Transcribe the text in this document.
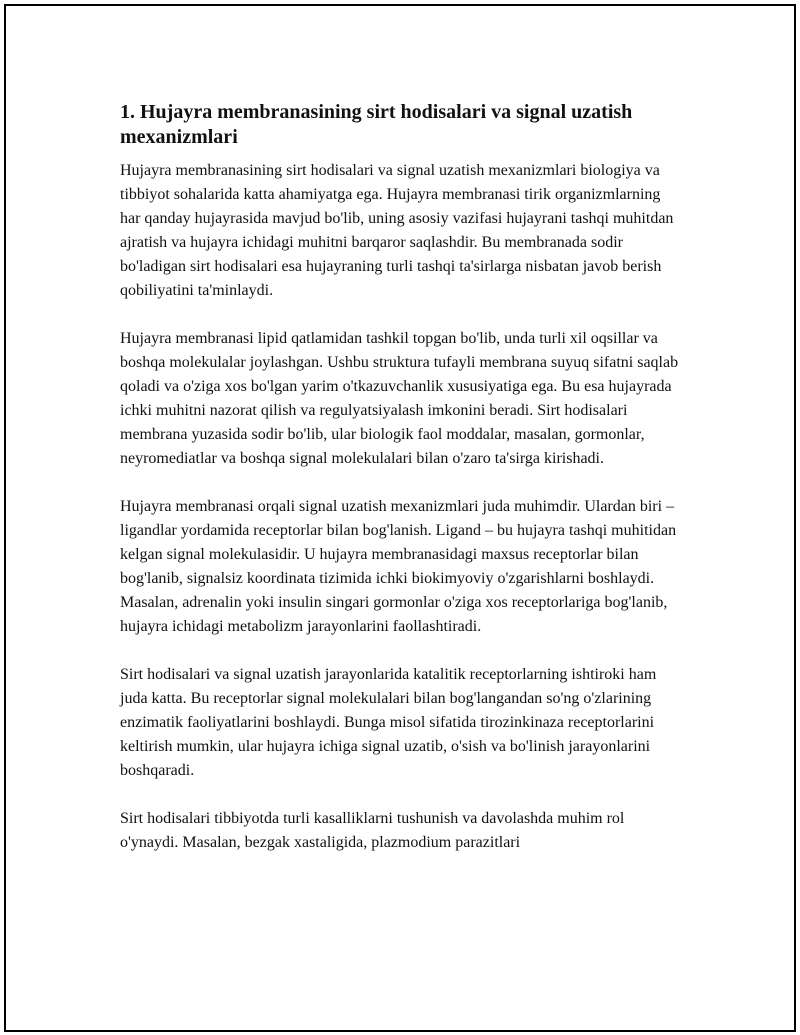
1. Hujayra membranasining sirt hodisalari va signal uzatish mexanizmlari

Hujayra membranasining sirt hodisalari va signal uzatish mexanizmlari biologiya va tibbiyot sohalarida katta ahamiyatga ega. Hujayra membranasi tirik organizmlarning har qanday hujayrasida mavjud bo'lib, uning asosiy vazifasi hujayrani tashqi muhitdan ajratish va hujayra ichidagi muhitni barqaror saqlashdir. Bu membranada sodir bo'ladigan sirt hodisalari esa hujayraning turli tashqi ta'sirlarga nisbatan javob berish qobiliyatini ta'minlaydi.

Hujayra membranasi lipid qatlamidan tashkil topgan bo'lib, unda turli xil oqsillar va boshqa molekulalar joylashgan. Ushbu struktura tufayli membrana suyuq sifatni saqlab qoladi va o'ziga xos bo'lgan yarim o'tkazuvchanlik xususiyatiga ega. Bu esa hujayrada ichki muhitni nazorat qilish va regulyatsiyalash imkonini beradi. Sirt hodisalari membrana yuzasida sodir bo'lib, ular biologik faol moddalar, masalan, gormonlar, neyromediatlar va boshqa signal molekulalari bilan o'zaro ta'sirga kirishadi.

Hujayra membranasi orqali signal uzatish mexanizmlari juda muhimdir. Ulardan biri – ligandlar yordamida receptorlar bilan bog'lanish. Ligand – bu hujayra tashqi muhitidan kelgan signal molekulasidir. U hujayra membranasidagi maxsus receptorlar bilan bog'lanib, signalsiz koordinata tizimida ichki biokimyoviy o'zgarishlarni boshlaydi. Masalan, adrenalin yoki insulin singari gormonlar o'ziga xos receptorlariga bog'lanib, hujayra ichidagi metabolizm jarayonlarini faollashtiradi.

Sirt hodisalari va signal uzatish jarayonlarida katalitik receptorlarning ishtiroki ham juda katta. Bu receptorlar signal molekulalari bilan bog'langandan so'ng o'zlarining enzimatik faoliyatlarini boshlaydi. Bunga misol sifatida tirozinkinaza receptorlarini keltirish mumkin, ular hujayra ichiga signal uzatib, o'sish va bo'linish jarayonlarini boshqaradi.

Sirt hodisalari tibbiyotda turli kasalliklarni tushunish va davolashda muhim rol o'ynaydi. Masalan, bezgak xastaligida, plazmodium parazitlari
